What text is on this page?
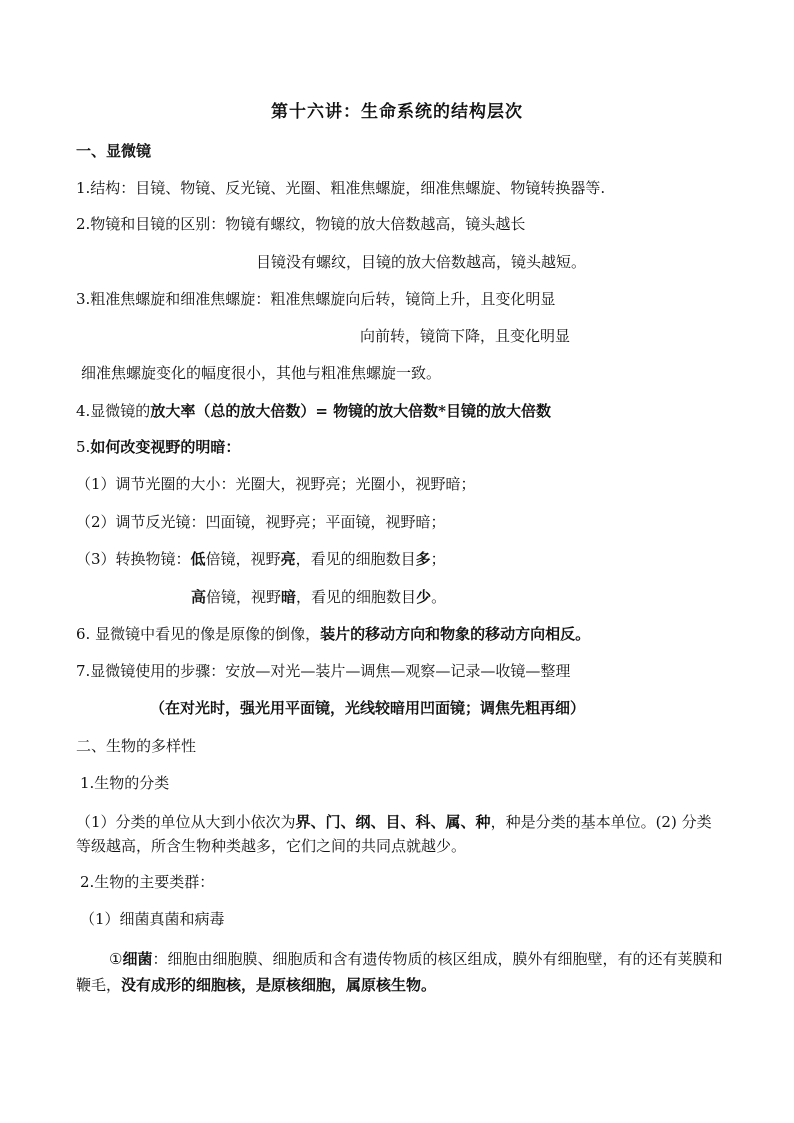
第十六讲：生命系统的结构层次
一、显微镜
1.结构：目镜、物镜、反光镜、光圈、粗准焦螺旋，细准焦螺旋、物镜转换器等.
2.物镜和目镜的区别：物镜有螺纹，物镜的放大倍数越高，镜头越长
目镜没有螺纹，目镜的放大倍数越高，镜头越短。
3.粗准焦螺旋和细准焦螺旋：粗准焦螺旋向后转，镜筒上升，且变化明显
向前转，镜筒下降，且变化明显
细准焦螺旋变化的幅度很小，其他与粗准焦螺旋一致。
4.显微镜的放大率（总的放大倍数）= 物镜的放大倍数*目镜的放大倍数
5.如何改变视野的明暗：
（1）调节光圈的大小：光圈大，视野亮；光圈小，视野暗；
（2）调节反光镜：凹面镜，视野亮；平面镜，视野暗；
（3）转换物镜：低倍镜，视野亮，看见的细胞数目多；
高倍镜，视野暗，看见的细胞数目少。
6. 显微镜中看见的像是原像的倒像，装片的移动方向和物象的移动方向相反。
7.显微镜使用的步骤：安放—对光—装片—调焦—观察—记录—收镜—整理
（在对光时，强光用平面镜，光线较暗用凹面镜；调焦先粗再细）
二、生物的多样性
1.生物的分类
（1）分类的单位从大到小依次为界、门、纲、目、科、属、种，种是分类的基本单位。(2) 分类等级越高，所含生物种类越多，它们之间的共同点就越少。
2.生物的主要类群：
（1）细菌真菌和病毒
①细菌：细胞由细胞膜、细胞质和含有遗传物质的核区组成，膜外有细胞壁，有的还有荚膜和鞭毛，没有成形的细胞核，是原核细胞，属原核生物。
